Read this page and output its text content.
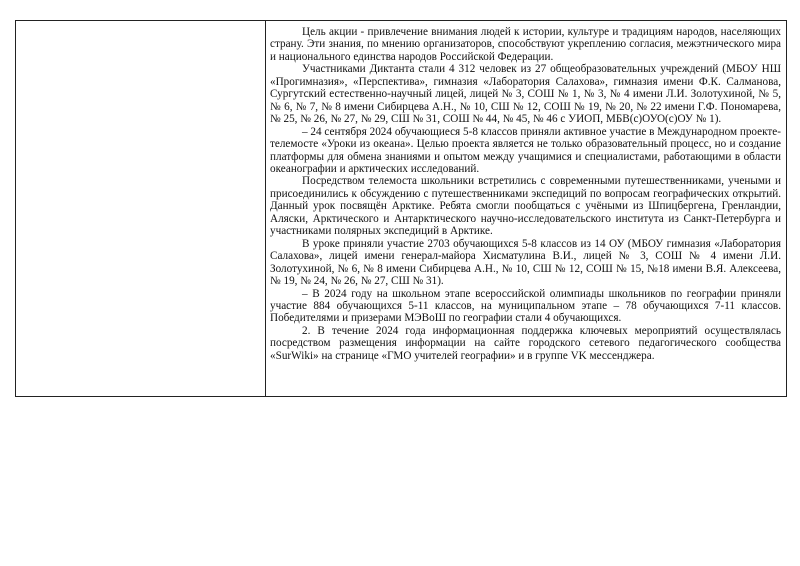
Цель акции - привлечение внимания людей к истории, культуре и традициям народов, населяющих страну. Эти знания, по мнению организаторов, способствуют укреплению согласия, межэтнического мира и национального единства народов Российской Федерации.

Участниками Диктанта стали 4 312 человек из 27 общеобразовательных учреждений (МБОУ НШ «Прогимназия», «Перспектива», гимназия «Лаборатория Салахова», гимназия имени Ф.К. Салманова, Сургутский естественно-научный лицей, лицей № 3, СОШ № 1, № 3, № 4 имени Л.И. Золотухиной, № 5, № 6, № 7, № 8 имени Сибирцева А.Н., № 10, СШ № 12, СОШ № 19, № 20, № 22 имени Г.Ф. Пономарева, № 25, № 26, № 27, № 29, СШ № 31, СОШ № 44, № 45, № 46 с УИОП, МБВ(с)ОУО(с)ОУ № 1).

– 24 сентября 2024 обучающиеся 5-8 классов приняли активное участие в Международном проекте-телемосте «Уроки из океана». Целью проекта является не только образовательный процесс, но и создание платформы для обмена знаниями и опытом между учащимися и специалистами, работающими в области океанографии и арктических исследований.

Посредством телемоста школьники встретились с современными путешественниками, учеными и присоединились к обсуждению с путешественниками экспедиций по вопросам географических открытий. Данный урок посвящён Арктике. Ребята смогли пообщаться с учёными из Шпицбергена, Гренландии, Аляски, Арктического и Антарктического научно-исследовательского института из Санкт-Петербурга и участниками полярных экспедиций в Арктике.

В уроке приняли участие 2703 обучающихся 5-8 классов из 14 ОУ (МБОУ гимназия «Лаборатория Салахова», лицей имени генерал-майора Хисматулина В.И., лицей № 3, СОШ № 4 имени Л.И. Золотухиной, № 6, № 8 имени Сибирцева А.Н., № 10, СШ № 12, СОШ № 15, №18 имени В.Я. Алексеева, № 19, № 24, № 26, № 27, СШ № 31).

– В 2024 году на школьном этапе всероссийской олимпиады школьников по географии приняли участие 884 обучающихся 5-11 классов, на муниципальном этапе – 78 обучающихся 7-11 классов. Победителями и призерами МЭВоШ по географии стали 4 обучающихся.

2. В течение 2024 года информационная поддержка ключевых мероприятий осуществлялась посредством размещения информации на сайте городского сетевого педагогического сообщества «SurWiki» на странице «ГМО учителей географии» и в группе VK мессенджера.
